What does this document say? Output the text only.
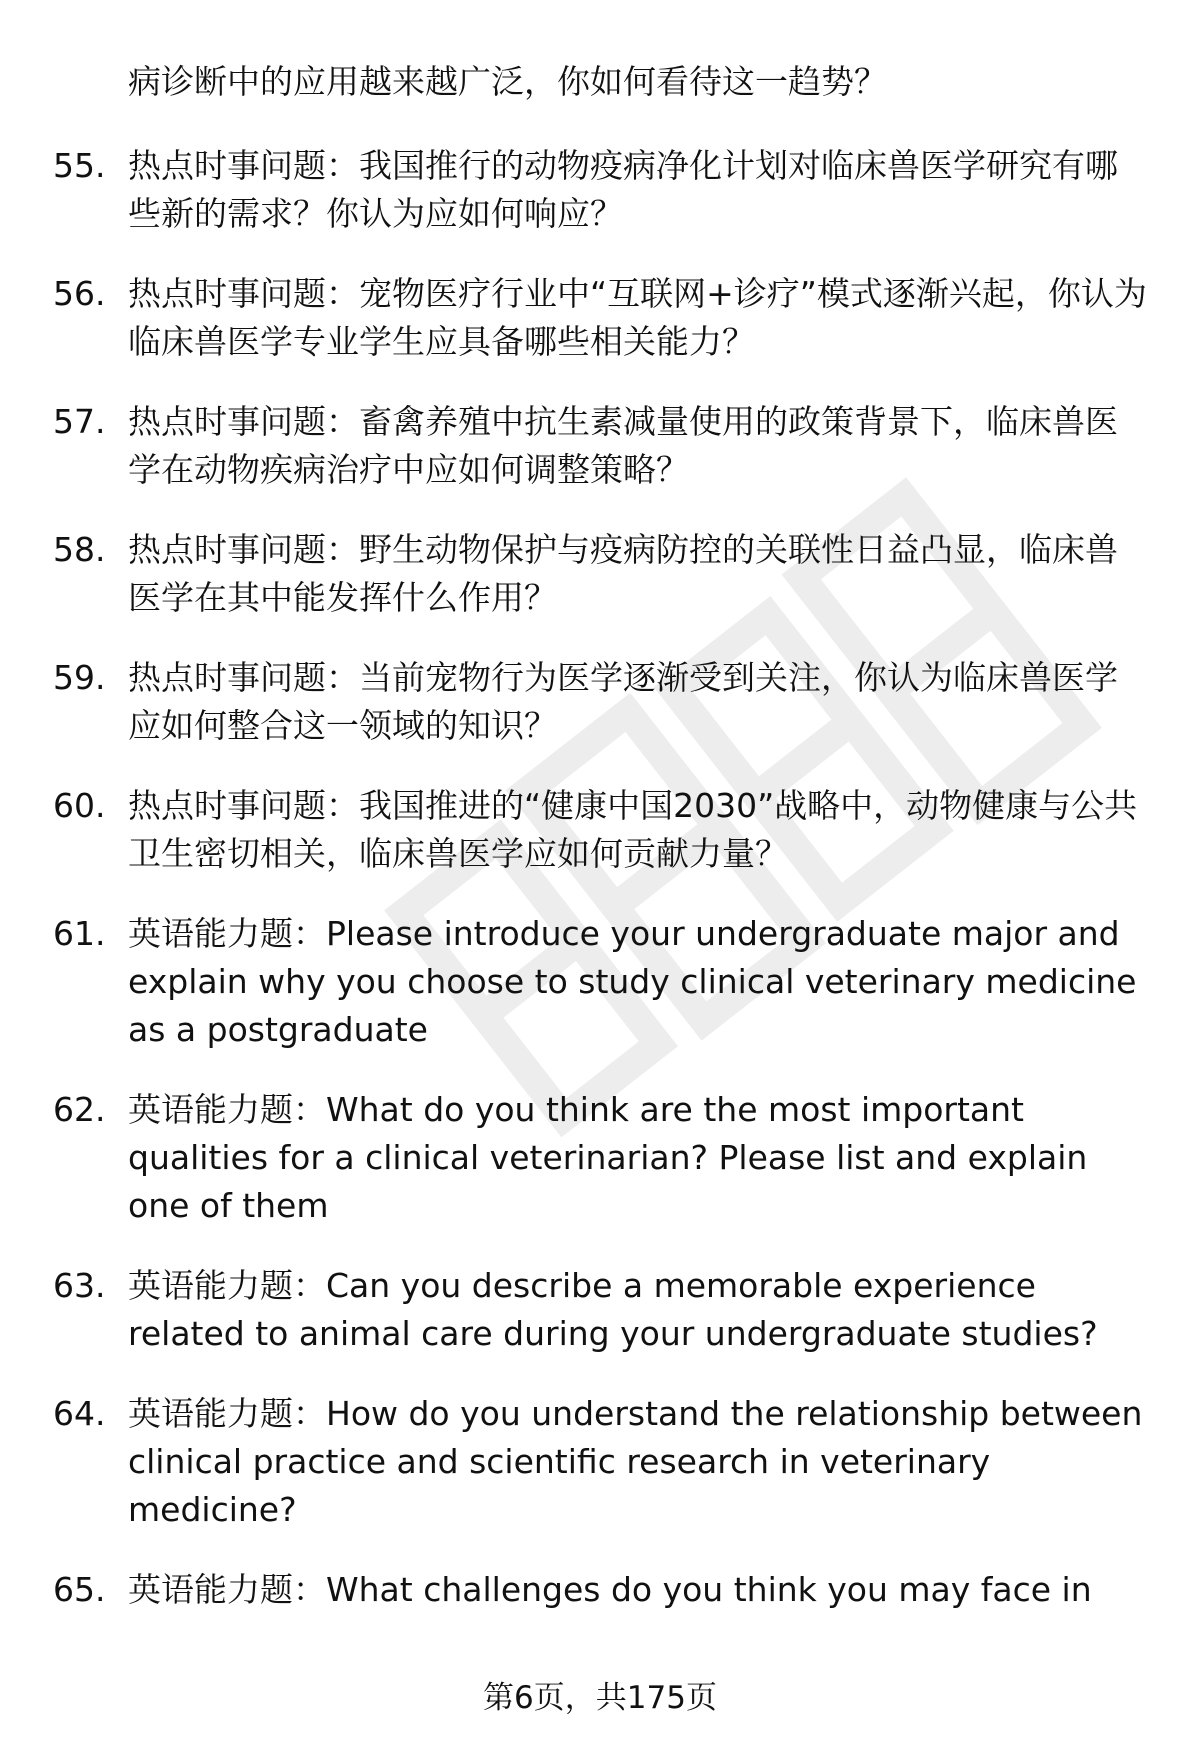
病诊断中的应用越来越广泛，你如何看待这一趋势？
55. 热点时事问题：我国推行的动物疫病净化计划对临床兽医学研究有哪些新的需求？你认为应如何响应？
56. 热点时事问题：宠物医疗行业中“互联网+诊疗”模式逐渐兴起，你认为临床兽医学专业学生应具备哪些相关能力？
57. 热点时事问题：畜禽养殖中抗生素减量使用的政策背景下，临床兽医学在动物疾病治疗中应如何调整策略？
58. 热点时事问题：野生动物保护与疫病防控的关联性日益凸显，临床兽医学在其中能发挥什么作用？
59. 热点时事问题：当前宠物行为医学逐渐受到关注，你认为临床兽医学应如何整合这一领域的知识？
60. 热点时事问题：我国推进的“健康中国2030”战略中，动物健康与公共卫生密切相关，临床兽医学应如何贡献力量？
61. 英语能力题：Please introduce your undergraduate major and explain why you choose to study clinical veterinary medicine as a postgraduate
62. 英语能力题：What do you think are the most important qualities for a clinical veterinarian? Please list and explain one of them
63. 英语能力题：Can you describe a memorable experience related to animal care during your undergraduate studies?
64. 英语能力题：How do you understand the relationship between clinical practice and scientific research in veterinary medicine?
65. 英语能力题：What challenges do you think you may face in
第6页，共175页
